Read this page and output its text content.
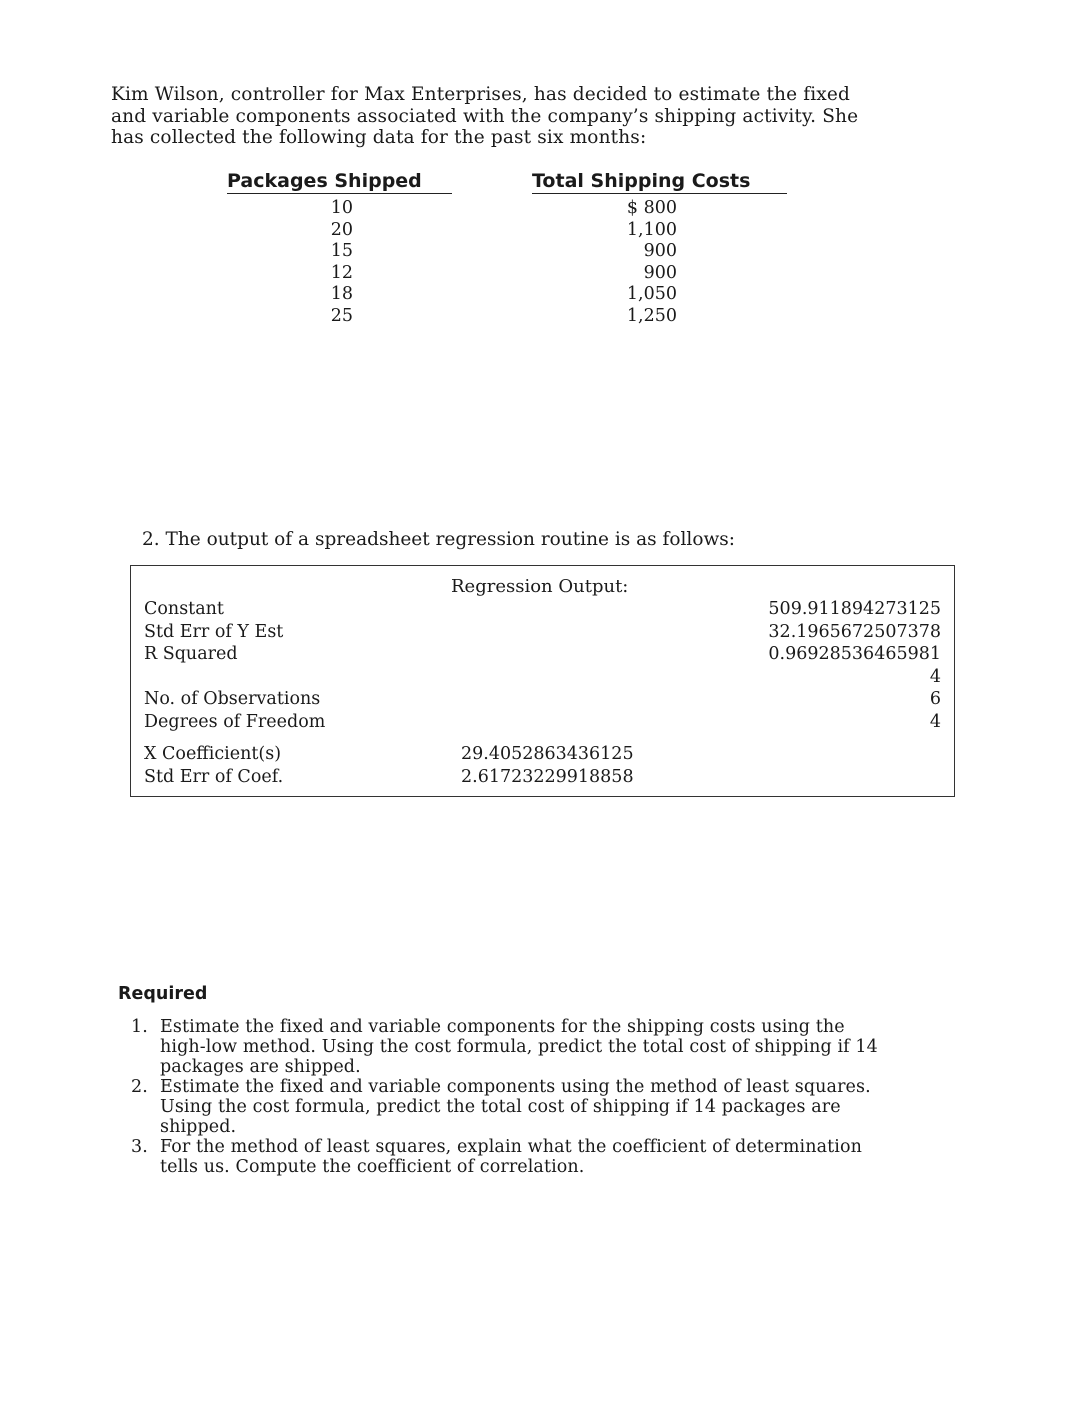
Kim Wilson, controller for Max Enterprises, has decided to estimate the fixed
and variable components associated with the company’s shipping activity. She
has collected the following data for the past six months:
Packages Shipped	Total Shipping Costs
10
20
15
12
18
25
$ 800
1,100
900
900
1,050
1,250
2. The output of a spreadsheet regression routine is as follows:
Regression Output:
Constant
Std Err of Y Est
R Squared
No. of Observations
Degrees of Freedom
509.911894273125
32.1965672507378
0.96928536465981
4
6
4
X Coefficient(s)
Std Err of Coef.
29.4052863436125
2.61723229918858
Required
1. Estimate the fixed and variable components for the shipping costs using the
high-low method. Using the cost formula, predict the total cost of shipping if 14
packages are shipped.
2. Estimate the fixed and variable components using the method of least squares.
Using the cost formula, predict the total cost of shipping if 14 packages are
shipped.
3. For the method of least squares, explain what the coefficient of determination
tells us. Compute the coefficient of correlation.
